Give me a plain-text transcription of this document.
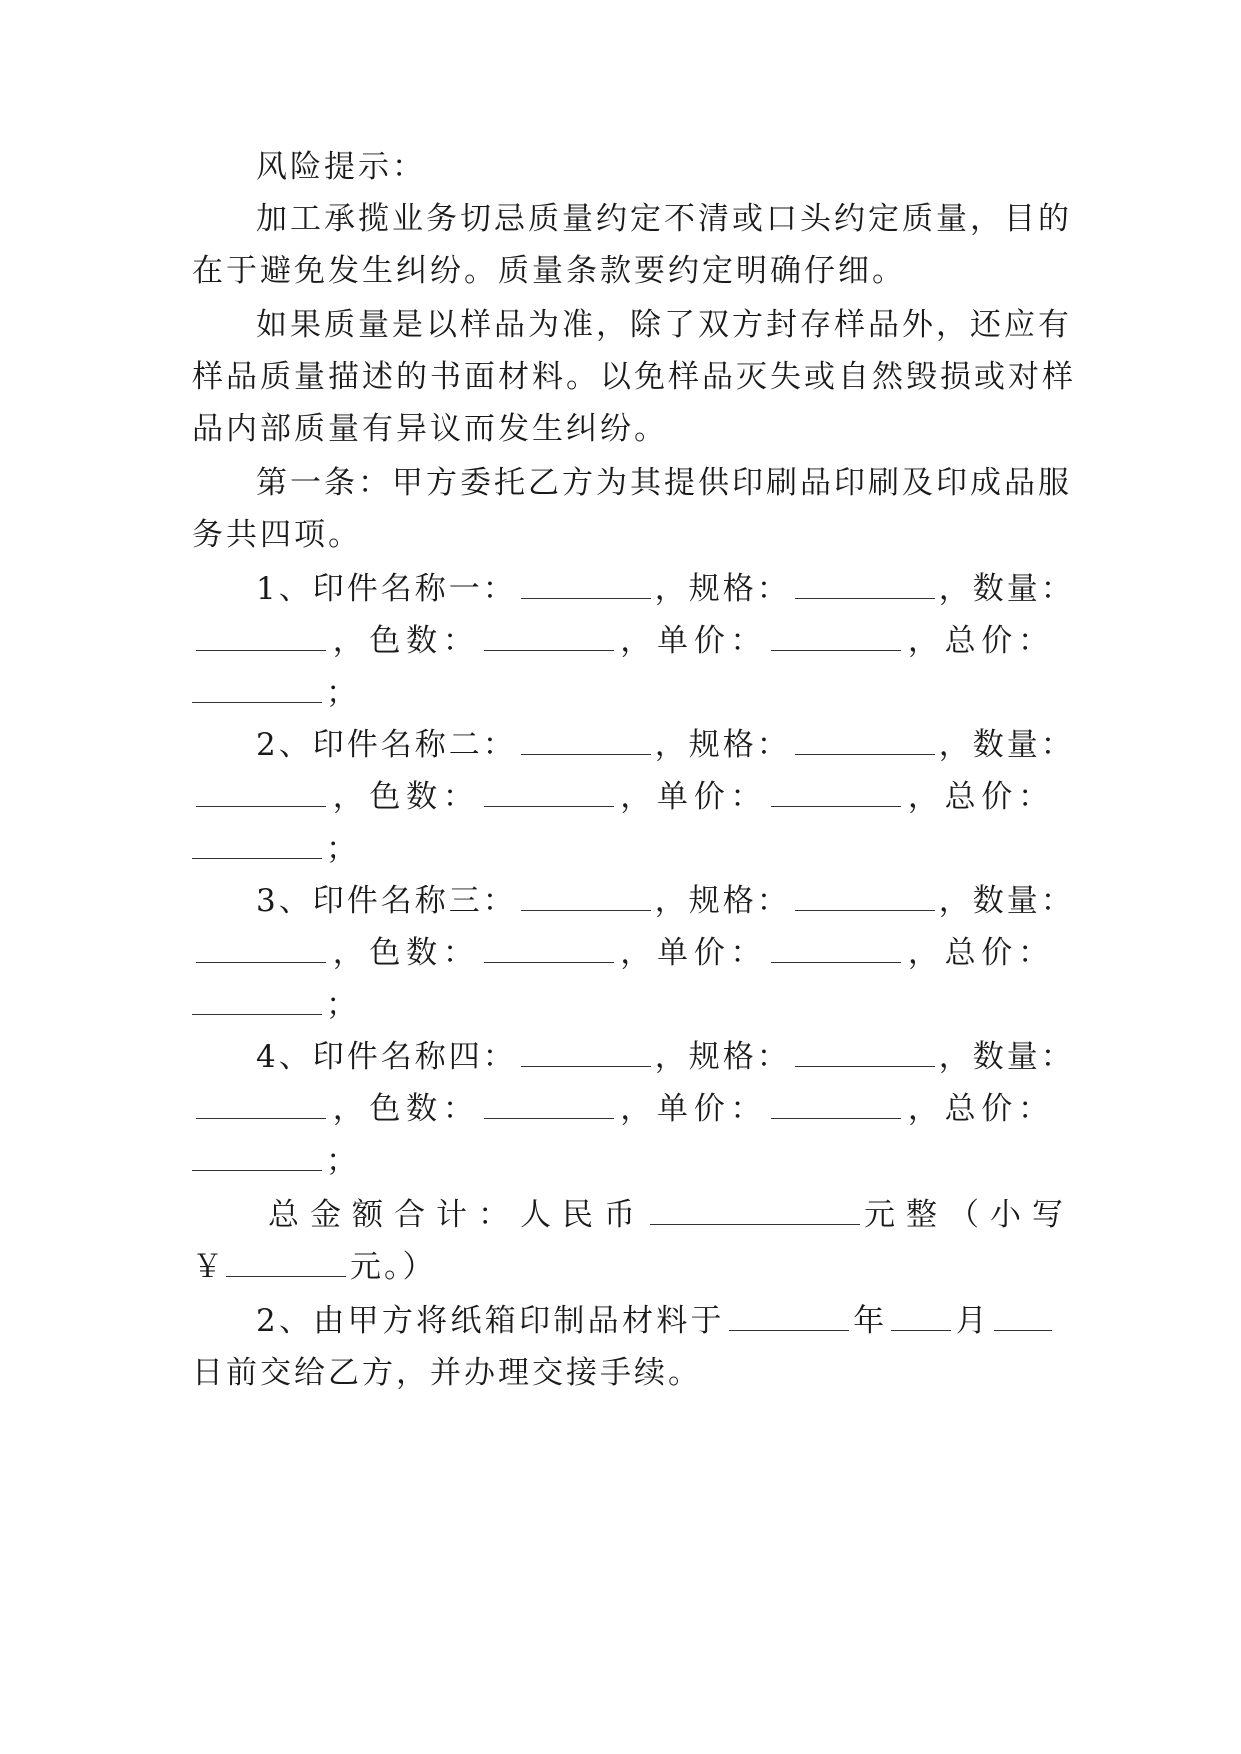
风险提示：
加工承揽业务切忌质量约定不清或口头约定质量，目的
在于避免发生纠纷。质量条款要约定明确仔细。
如果质量是以样品为准，除了双方封存样品外，还应有
样品质量描述的书面材料。以免样品灭失或自然毁损或对样
品内部质量有异议而发生纠纷。
第一条：甲方委托乙方为其提供印刷品印刷及印成品服
务共四项。
1、印件名称一：	，规格：	，数量：
，色数：	，单价：	，总价：
；
2、印件名称二：	，规格：	，数量：
，色数：	，单价：	，总价：
；
3、印件名称三：	，规格：	，数量：
，色数：	，单价：	，总价：
；
4、印件名称四：	，规格：	，数量：
，色数：	，单价：	，总价：
；
总金额合计：人民币	元整（小写
￥	元。）
2、由甲方将纸箱印制品材料于	年 月
日前交给乙方，并办理交接手续。
